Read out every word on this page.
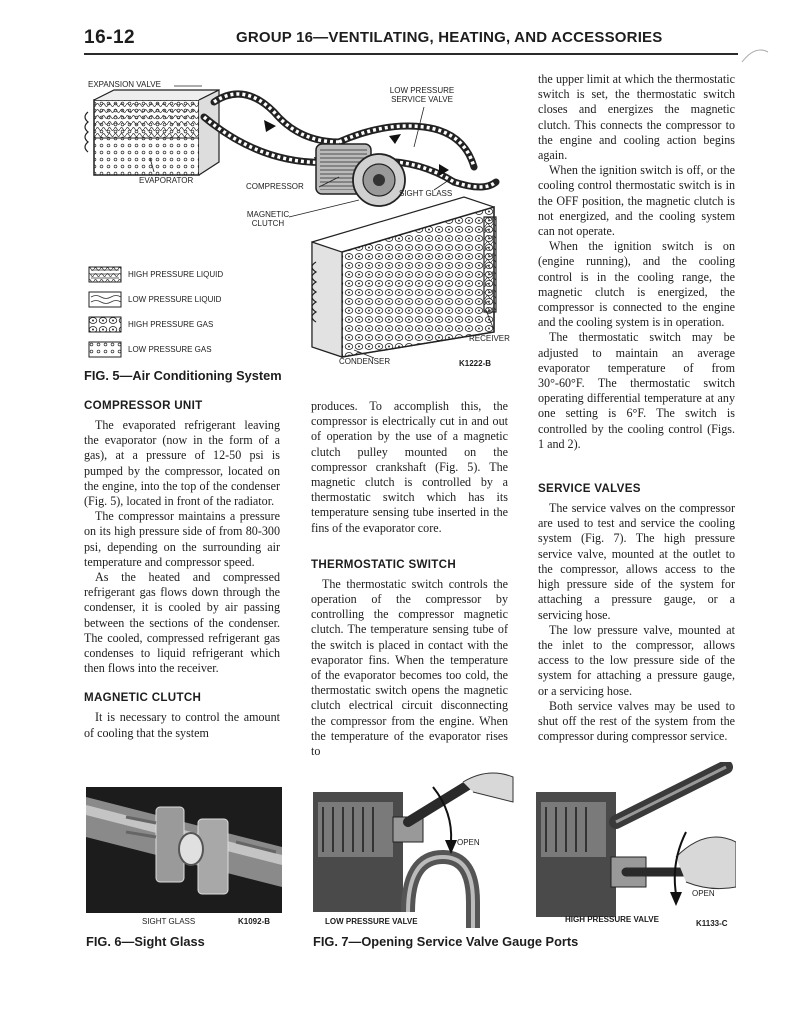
16-12	GROUP 16—VENTILATING, HEATING, AND ACCESSORIES
EXPANSION VALVE
EVAPORATOR
COMPRESSOR
MAGNETIC
CLUTCH
LOW PRESSURE
SERVICE VALVE
SIGHT GLASS
RECEIVER
CONDENSER	K1222-B
HIGH PRESSURE LIQUID
LOW PRESSURE LIQUID
HIGH PRESSURE GAS
LOW PRESSURE GAS
FIG. 5—Air Conditioning System

COMPRESSOR UNIT

The evaporated refrigerant leaving the evaporator (now in the form of a gas), at a pressure of 12-50 psi is pumped by the compressor, located on the engine, into the top of the condenser (Fig. 5), located in front of the radiator.

The compressor maintains a pressure on its high pressure side of from 80-300 psi, depending on the surrounding air temperature and compressor speed.

As the heated and compressed refrigerant gas flows down through the condenser, it is cooled by air passing between the sections of the condenser. The cooled, compressed refrigerant gas condenses to liquid refrigerant which then flows into the receiver.

MAGNETIC CLUTCH

It is necessary to control the amount of cooling that the system

produces. To accomplish this, the compressor is electrically cut in and out of operation by the use of a magnetic clutch pulley mounted on the compressor crankshaft (Fig. 5). The magnetic clutch is controlled by a thermostatic switch which has its temperature sensing tube inserted in the fins of the evaporator core.

THERMOSTATIC SWITCH

The thermostatic switch controls the operation of the compressor by controlling the compressor magnetic clutch. The temperature sensing tube of the switch is placed in contact with the evaporator fins. When the temperature of the evaporator becomes too cold, the thermostatic switch opens the magnetic clutch electrical circuit disconnecting the compressor from the engine. When the temperature of the evaporator rises to

the upper limit at which the thermostatic switch is set, the thermostatic switch closes and energizes the magnetic clutch. This connects the compressor to the engine and cooling action begins again.

When the ignition switch is off, or the cooling control thermostatic switch is in the OFF position, the magnetic clutch is not energized, and the cooling system can not operate.

When the ignition switch is on (engine running), and the cooling control is in the cooling range, the magnetic clutch is energized, the compressor is connected to the engine and the cooling system is in operation.

The thermostatic switch may be adjusted to maintain an average evaporator temperature of from 30°-60°F. The thermostatic switch operating differential temperature at any one setting is 6°F. The switch is controlled by the cooling control (Figs. 1 and 2).

SERVICE VALVES

The service valves on the compressor are used to test and service the cooling system (Fig. 7). The high pressure service valve, mounted at the outlet to the compressor, allows access to the high pressure side of the system for attaching a pressure gauge, or a servicing hose.

The low pressure valve, mounted at the inlet to the compressor, allows access to the low pressure side of the system for attaching a pressure gauge, or a servicing hose.

Both service valves may be used to shut off the rest of the system from the compressor during compressor service.

SIGHT GLASS	K1092-B
FIG. 6—Sight Glass
OPEN
LOW PRESSURE VALVE
OPEN
HIGH PRESSURE VALVE	K1133-C
FIG. 7—Opening Service Valve Gauge Ports
